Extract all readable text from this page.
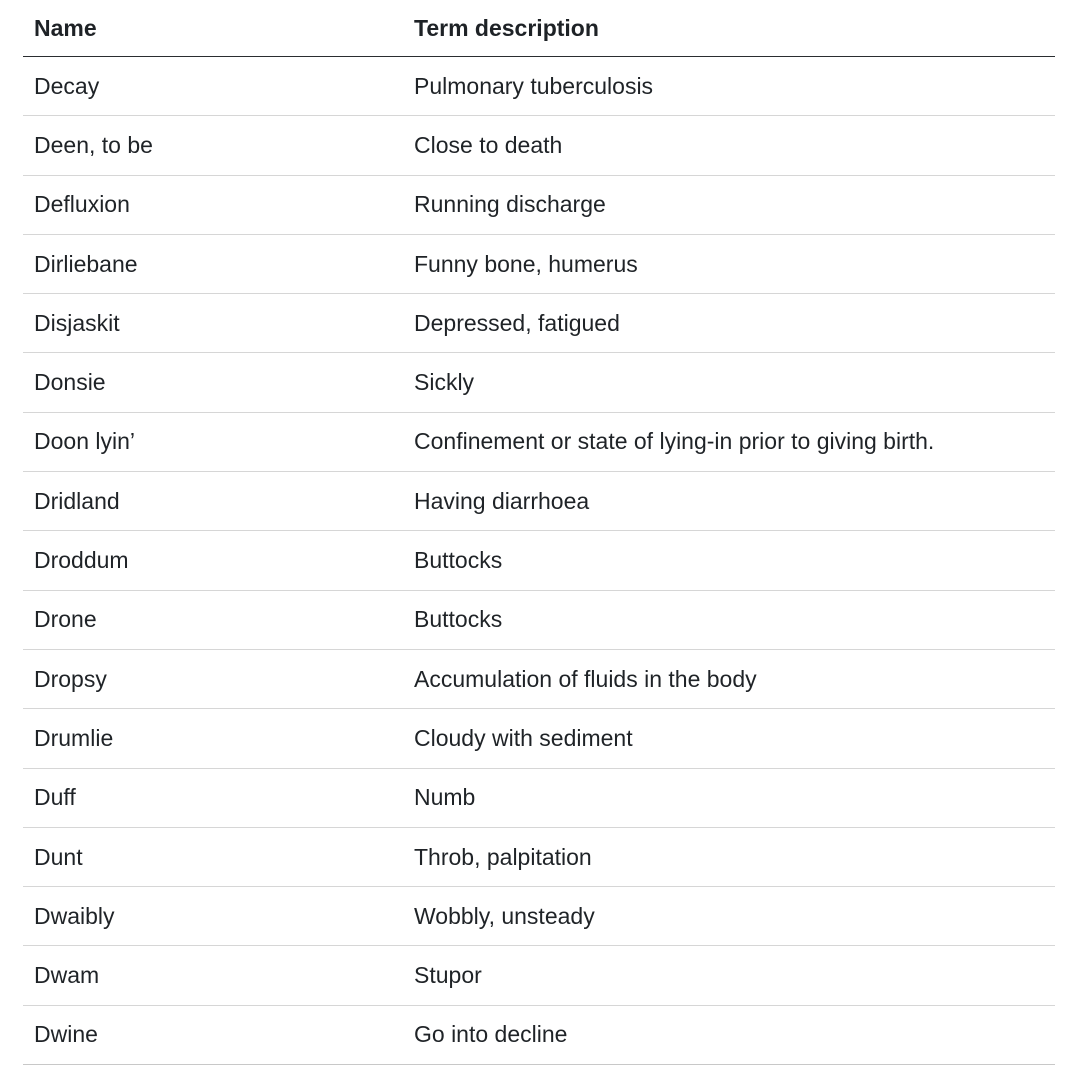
Name	Term description
Decay	Pulmonary tuberculosis
Deen, to be	Close to death
Defluxion	Running discharge
Dirliebane	Funny bone, humerus
Disjaskit	Depressed, fatigued
Donsie	Sickly
Doon lyin’	Confinement or state of lying-in prior to giving birth.
Dridland	Having diarrhoea
Droddum	Buttocks
Drone	Buttocks
Dropsy	Accumulation of fluids in the body
Drumlie	Cloudy with sediment
Duff	Numb
Dunt	Throb, palpitation
Dwaibly	Wobbly, unsteady
Dwam	Stupor
Dwine	Go into decline
